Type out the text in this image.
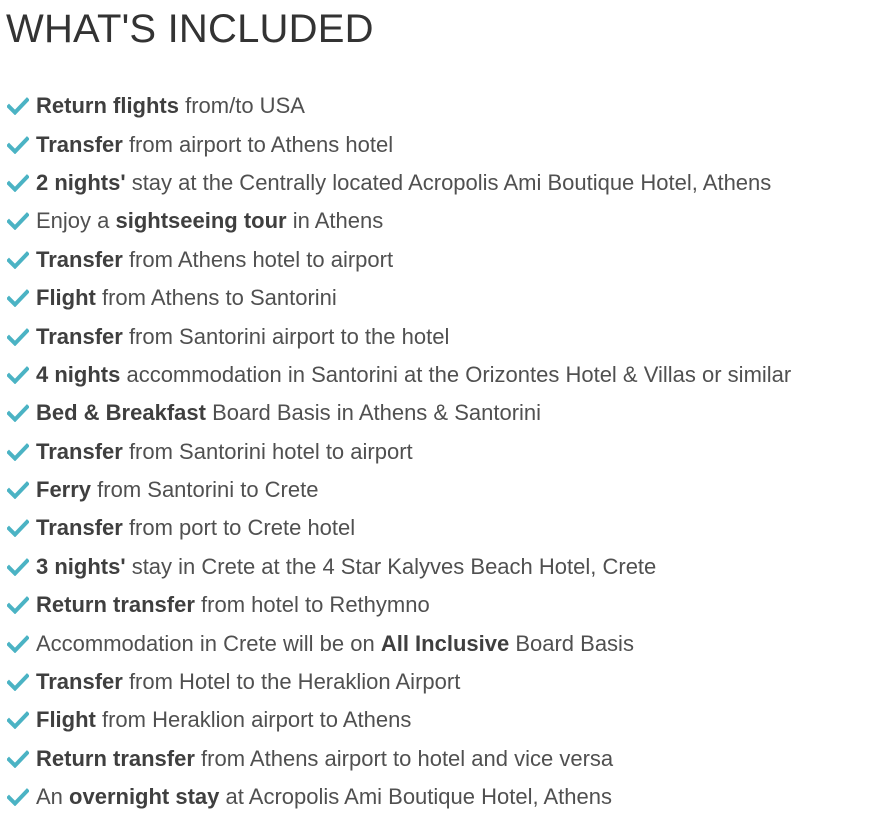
WHAT'S INCLUDED
Return flights from/to USA
Transfer from airport to Athens hotel
2 nights' stay at the Centrally located Acropolis Ami Boutique Hotel, Athens
Enjoy a sightseeing tour in Athens
Transfer from Athens hotel to airport
Flight from Athens to Santorini
Transfer from Santorini airport to the hotel
4 nights accommodation in Santorini at the Orizontes Hotel & Villas or similar
Bed & Breakfast Board Basis in Athens & Santorini
Transfer from Santorini hotel to airport
Ferry from Santorini to Crete
Transfer from port to Crete hotel
3 nights' stay in Crete at the 4 Star Kalyves Beach Hotel, Crete
Return transfer from hotel to Rethymno
Accommodation in Crete will be on All Inclusive Board Basis
Transfer from Hotel to the Heraklion Airport
Flight from Heraklion airport to Athens
Return transfer from Athens airport to hotel and vice versa
An overnight stay at Acropolis Ami Boutique Hotel, Athens
